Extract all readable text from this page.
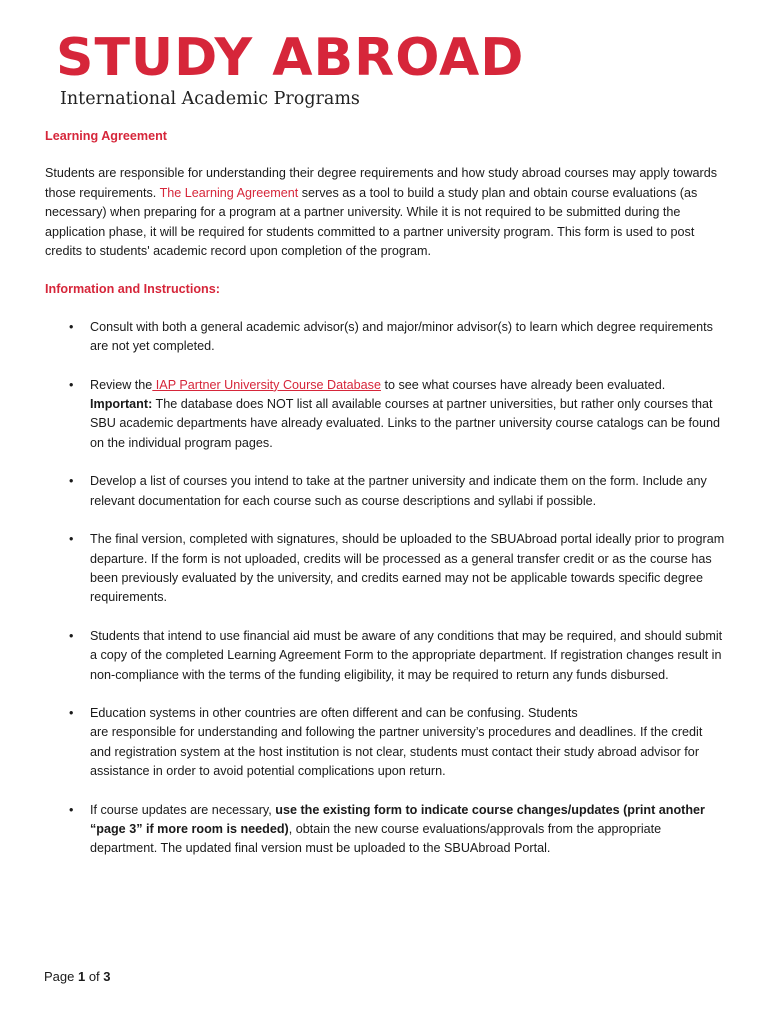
STUDY ABROAD
International Academic Programs

Learning Agreement

Students are responsible for understanding their degree requirements and how study abroad courses may apply towards those requirements. The Learning Agreement serves as a tool to build a study plan and obtain course evaluations (as necessary) when preparing for a program at a partner university. While it is not required to be submitted during the application phase, it will be required for students committed to a partner university program. This form is used to post credits to students' academic record upon completion of the program.

Information and Instructions:

• Consult with both a general academic advisor(s) and major/minor advisor(s) to learn which degree requirements are not yet completed.
• Review the IAP Partner University Course Database to see what courses have already been evaluated. Important: The database does NOT list all available courses at partner universities, but rather only courses that SBU academic departments have already evaluated. Links to the partner university course catalogs can be found on the individual program pages.
• Develop a list of courses you intend to take at the partner university and indicate them on the form. Include any relevant documentation for each course such as course descriptions and syllabi if possible.
• The final version, completed with signatures, should be uploaded to the SBUAbroad portal ideally prior to program departure. If the form is not uploaded, credits will be processed as a general transfer credit or as the course has been previously evaluated by the university, and credits earned may not be applicable towards specific degree requirements.
• Students that intend to use financial aid must be aware of any conditions that may be required, and should submit a copy of the completed Learning Agreement Form to the appropriate department. If registration changes result in non-compliance with the terms of the funding eligibility, it may be required to return any funds disbursed.
• Education systems in other countries are often different and can be confusing. Students
are responsible for understanding and following the partner university’s procedures and deadlines. If the credit and registration system at the host institution is not clear, students must contact their study abroad advisor for assistance in order to avoid potential complications upon return.
• If course updates are necessary, use the existing form to indicate course changes/updates (print another “page 3” if more room is needed), obtain the new course evaluations/approvals from the appropriate department. The updated final version must be uploaded to the SBUAbroad Portal.
Page 1 of 3
